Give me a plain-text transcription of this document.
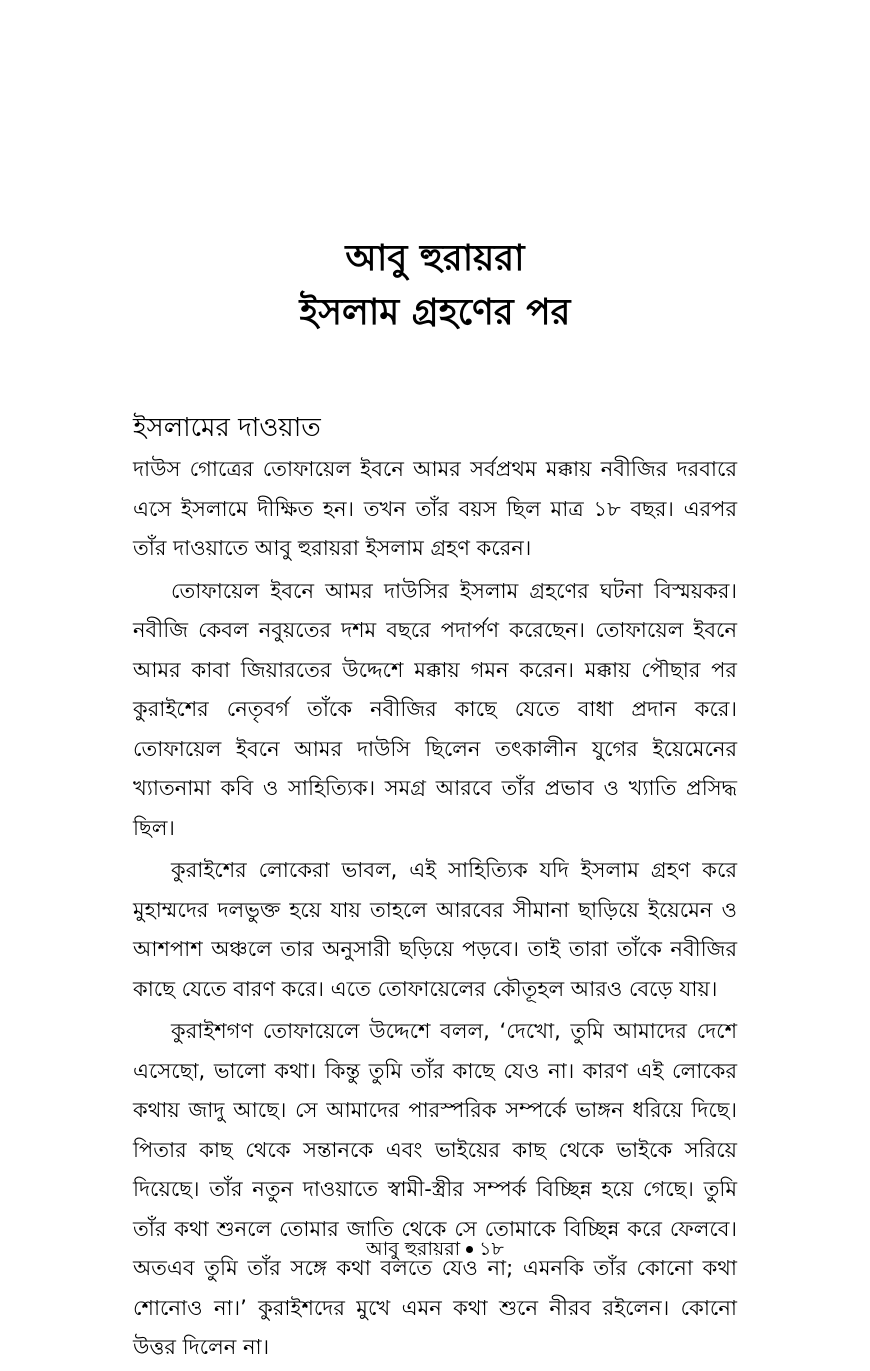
আবু হুরায়রা
ইসলাম গ্রহণের পর
ইসলামের দাওয়াত

দাউস গোত্রের তোফায়েল ইবনে আমর সর্বপ্রথম মক্কায় নবীজির দরবারে এসে ইসলামে দীক্ষিত হন। তখন তাঁর বয়স ছিল মাত্র ১৮ বছর। এরপর তাঁর দাওয়াতে আবু হুরায়রা ইসলাম গ্রহণ করেন।

তোফায়েল ইবনে আমর দাউসির ইসলাম গ্রহণের ঘটনা বিস্ময়কর। নবীজি কেবল নবুয়তের দশম বছরে পদার্পণ করেছেন। তোফায়েল ইবনে আমর কাবা জিয়ারতের উদ্দেশে মক্কায় গমন করেন। মক্কায় পৌছার পর কুরাইশের নেতৃবর্গ তাঁকে নবীজির কাছে যেতে বাধা প্রদান করে। তোফায়েল ইবনে আমর দাউসি ছিলেন তৎকালীন যুগের ইয়েমেনের খ্যাতনামা কবি ও সাহিত্যিক। সমগ্র আরবে তাঁর প্রভাব ও খ্যাতি প্রসিদ্ধ ছিল।

কুরাইশের লোকেরা ভাবল, এই সাহিত্যিক যদি ইসলাম গ্রহণ করে মুহাম্মদের দলভুক্ত হয়ে যায় তাহলে আরবের সীমানা ছাড়িয়ে ইয়েমেন ও আশপাশ অঞ্চলে তার অনুসারী ছড়িয়ে পড়বে। তাই তারা তাঁকে নবীজির কাছে যেতে বারণ করে। এতে তোফায়েলের কৌতূহল আরও বেড়ে যায়।

কুরাইশগণ তোফায়েলে উদ্দেশে বলল, ‘দেখো, তুমি আমাদের দেশে এসেছো, ভালো কথা। কিন্তু তুমি তাঁর কাছে যেও না। কারণ এই লোকের কথায় জাদু আছে। সে আমাদের পারস্পরিক সম্পর্কে ভাঙ্গন ধরিয়ে দিছে। পিতার কাছ থেকে সন্তানকে এবং ভাইয়ের কাছ থেকে ভাইকে সরিয়ে দিয়েছে। তাঁর নতুন দাওয়াতে স্বামী-স্ত্রীর সম্পর্ক বিচ্ছিন্ন হয়ে গেছে। তুমি তাঁর কথা শুনলে তোমার জাতি থেকে সে তোমাকে বিচ্ছিন্ন করে ফেলবে। অতএব তুমি তাঁর সঙ্গে কথা বলতে যেও না; এমনকি তাঁর কোনো কথা শোনোও না।’ কুরাইশদের মুখে এমন কথা শুনে নীরব রইলেন। কোনো উত্তর দিলেন না।

আবু হুরায়রা ১৮
